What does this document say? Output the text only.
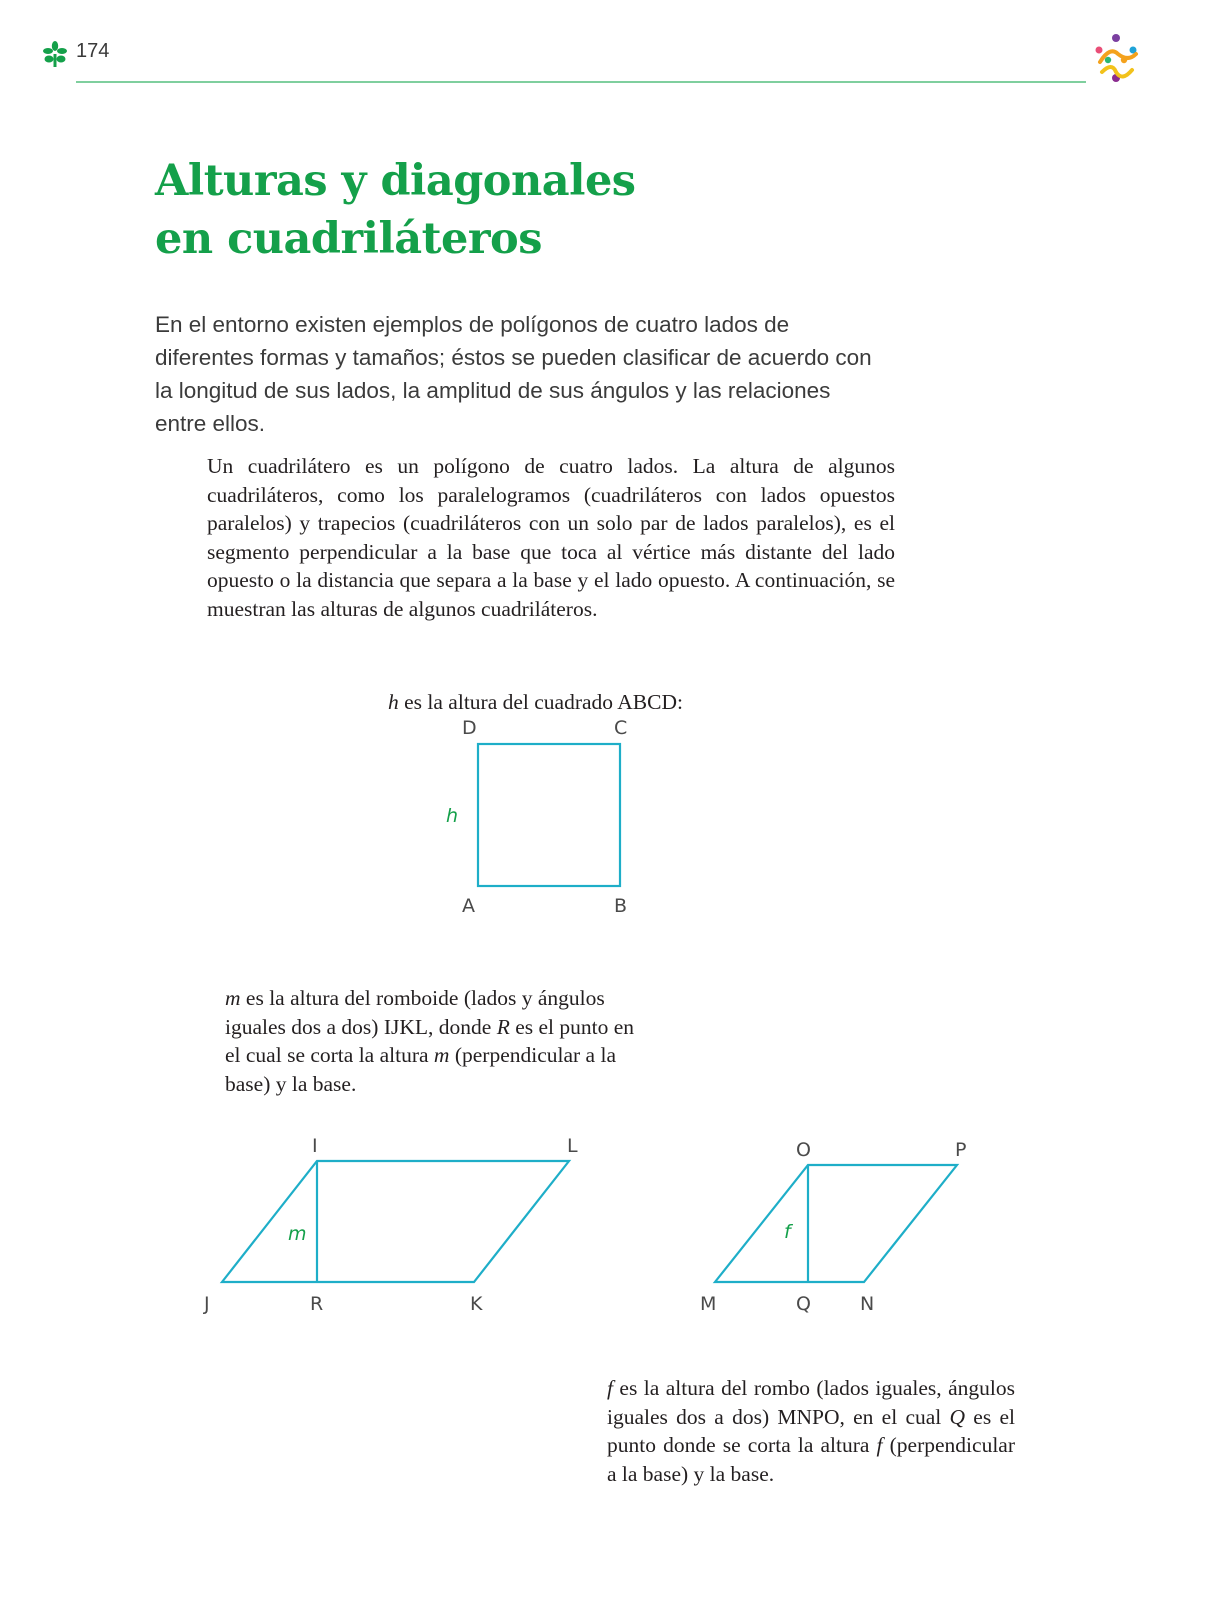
174
Alturas y diagonales
en cuadriláteros

En el entorno existen ejemplos de polígonos de cuatro lados de diferentes formas y tamaños; éstos se pueden clasificar de acuerdo con la longitud de sus lados, la amplitud de sus ángulos y las relaciones entre ellos.

Un cuadrilátero es un polígono de cuatro lados. La altura de algunos cuadriláteros, como los paralelogramos (cuadriláteros con lados opuestos paralelos) y trapecios (cuadriláteros con un solo par de lados paralelos), es el segmento perpendicular a la base que toca al vértice más distante del lado opuesto o la distancia que separa a la base y el lado opuesto. A continuación, se muestran las alturas de algunos cuadriláteros.

h es la altura del cuadrado ABCD:

D	C
A	B
h

m es la altura del romboide (lados y ángulos iguales dos a dos) IJKL, donde R es el punto en el cual se corta la altura m (perpendicular a la base) y la base.

I	L
J	R	K
m
O	P
M	Q	N
f

f es la altura del rombo (lados iguales, ángulos iguales dos a dos) MNPO, en el cual Q es el punto donde se corta la altura f (perpendicular a la base) y la base.
